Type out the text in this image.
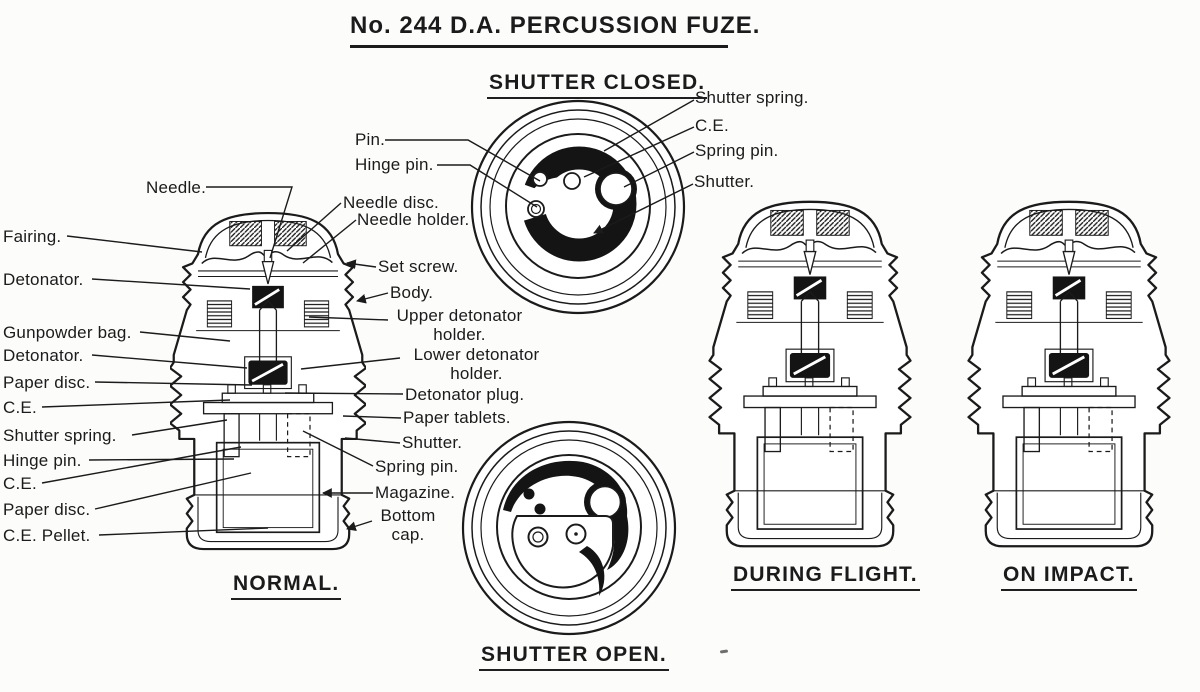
No. 244 D.A. PERCUSSION FUZE.
SHUTTER CLOSED.
NORMAL.
SHUTTER OPEN.
DURING FLIGHT.	ON IMPACT.
Pin.
Hinge pin.
Shutter spring.
C.E.
Spring pin.
Shutter.
Needle.
Fairing.
Detonator.
Gunpowder bag.
Detonator.
Paper disc.
C.E.
Shutter spring.
Hinge pin.
C.E.
Paper disc.
C.E. Pellet.
Needle disc.
Needle holder.
Set screw.
Body.
Upper detonator holder.
Lower detonator holder.
Detonator plug.
Paper tablets.
Shutter.
Spring pin.
Magazine.
Bottom cap.
